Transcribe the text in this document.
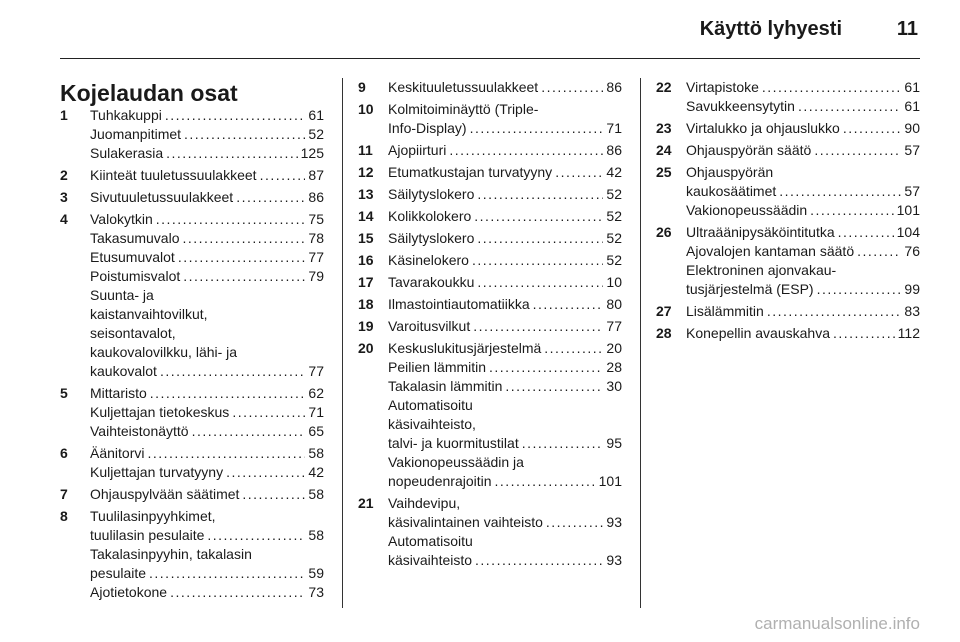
Käyttö lyhyesti	11
Kojelaudan osat
1 Tuhkakuppi . . .	61
Juomanpitimet . . .	52
Sulakerasia . . .	125
2 Kiinteät tuuletussuulakkeet . . .	87
3 Sivutuuletussuulakkeet . . .	86
4 Valokytkin . . .	75
Takasumuvalo . . .	78
Etusumuvalot . . .	77
Poistumisvalot . . .	79
Suunta- ja
kaistanvaihtovilkut,
seisontavalot,
kaukovalovilkku, lähi- ja
kaukovalot . . .	77
5 Mittaristo . . .	62
Kuljettajan tietokeskus . . .	71
Vaihteistonäyttö . . .	65
6 Äänitorvi . . .	58
Kuljettajan turvatyyny . . .	42
7 Ohjauspylvään säätimet . . .	58
8 Tuulilasinpyyhkimet,
tuulilasin pesulaite . . .	58
Takalasinpyyhin, takalasin
pesulaite . . .	59
Ajotietokone . . .	73
9 Keskituuletussuulakkeet . . .	86
10 Kolmitoiminäyttö (Triple-
Info-Display) . . .	71
11 Ajopiirturi . . .	86
12 Etumatkustajan turvatyyny . . .	42
13 Säilytyslokero . . .	52
14 Kolikkolokero . . .	52
15 Säilytyslokero . . .	52
16 Käsinelokero . . .	52
17 Tavarakoukku . . .	10
18 Ilmastointiautomatiikka . . .	80
19 Varoitusvilkut . . .	77
20 Keskuslukitusjärjestelmä . . .	20
Peilien lämmitin . . .	28
Takalasin lämmitin . . .	30
Automatisoitu
käsivaihteisto,
talvi- ja kuormitustilat . . .	95
Vakionopeussäädin ja
nopeudenrajoitin . . .	101
21 Vaihdevipu,
käsivalintainen vaihteisto . . .	93
Automatisoitu
käsivaihteisto . . .	93
22 Virtapistoke . . .	61
Savukkeensytytin . . .	61
23 Virtalukko ja ohjauslukko . . .	90
24 Ohjauspyörän säätö . . .	57
25 Ohjauspyörän
kaukosäätimet . . .	57
Vakionopeussäädin . . .	101
26 Ultraäänipysäköintitutka . . .	104
Ajovalojen kantaman säätö . . .	76
Elektroninen ajonvakau-
tusjärjestelmä (ESP) . . .	99
27 Lisälämmitin . . .	83
28 Konepellin avauskahva . . .	112
carmanualsonline.info
